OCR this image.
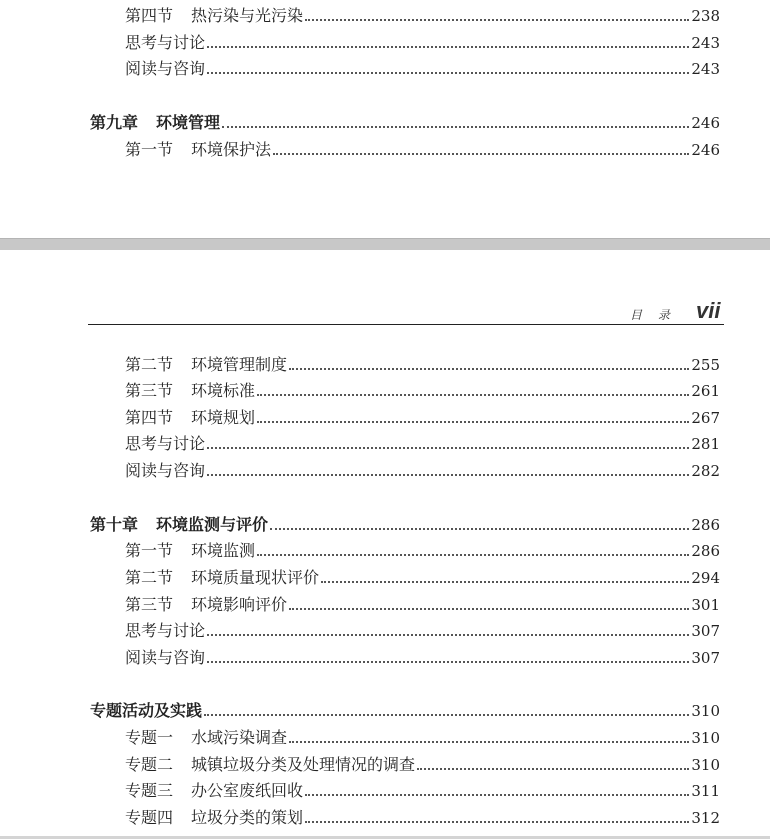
第四节 热污染与光污染	238
思考与讨论	243
阅读与咨询	243
第九章 环境管理	246
第一节 环境保护法	246
目 录 vii
第二节 环境管理制度	255
第三节 环境标准	261
第四节 环境规划	267
思考与讨论	281
阅读与咨询	282
第十章 环境监测与评价	286
第一节 环境监测	286
第二节 环境质量现状评价	294
第三节 环境影响评价	301
思考与讨论	307
阅读与咨询	307
专题活动及实践	310
专题一 水域污染调查	310
专题二 城镇垃圾分类及处理情况的调查	310
专题三 办公室废纸回收	311
专题四 垃圾分类的策划	312
